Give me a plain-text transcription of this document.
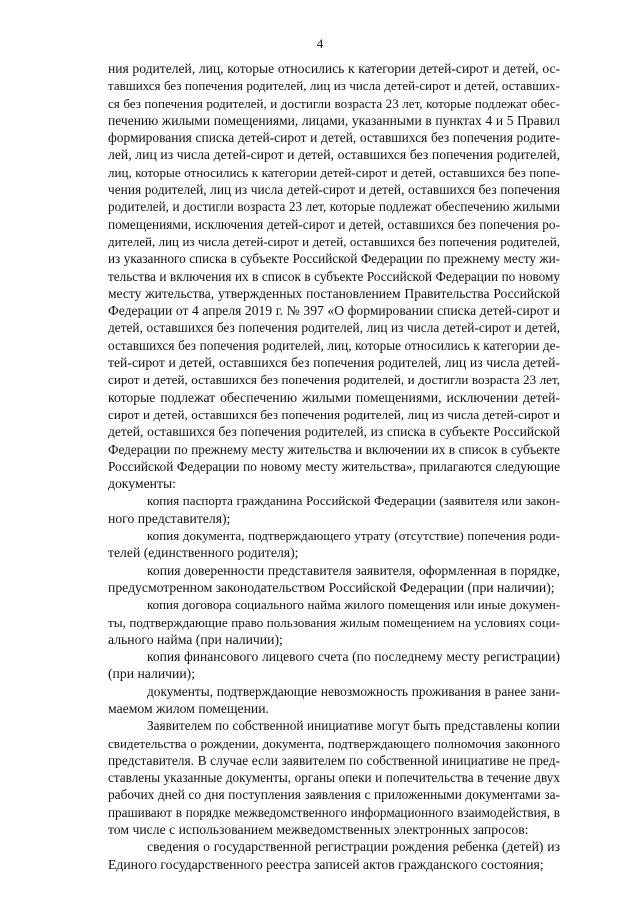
4
ния родителей, лиц, которые относились к категории детей-сирот и детей, ос-
тавшихся без попечения родителей, лиц из числа детей-сирот и детей, оставших-
ся без попечения родителей, и достигли возраста 23 лет, которые подлежат обес-
печению жилыми помещениями, лицами, указанными в пунктах 4 и 5 Правил
формирования списка детей-сирот и детей, оставшихся без попечения родите-
лей, лиц из числа детей-сирот и детей, оставшихся без попечения родителей,
лиц, которые относились к категории детей-сирот и детей, оставшихся без попе-
чения родителей, лиц из числа детей-сирот и детей, оставшихся без попечения
родителей, и достигли возраста 23 лет, которые подлежат обеспечению жилыми
помещениями, исключения детей-сирот и детей, оставшихся без попечения ро-
дителей, лиц из числа детей-сирот и детей, оставшихся без попечения родителей,
из указанного списка в субъекте Российской Федерации по прежнему месту жи-
тельства и включения их в список в субъекте Российской Федерации по новому
месту жительства, утвержденных постановлением Правительства Российской
Федерации от 4 апреля 2019 г. № 397 «О формировании списка детей-сирот и
детей, оставшихся без попечения родителей, лиц из числа детей-сирот и детей,
оставшихся без попечения родителей, лиц, которые относились к категории де-
тей-сирот и детей, оставшихся без попечения родителей, лиц из числа детей-
сирот и детей, оставшихся без попечения родителей, и достигли возраста 23 лет,
которые подлежат обеспечению жилыми помещениями, исключении детей-
сирот и детей, оставшихся без попечения родителей, лиц из числа детей-сирот и
детей, оставшихся без попечения родителей, из списка в субъекте Российской
Федерации по прежнему месту жительства и включении их в список в субъекте
Российской Федерации по новому месту жительства», прилагаются следующие
документы:
копия паспорта гражданина Российской Федерации (заявителя или закон-
ного представителя);
копия документа, подтверждающего утрату (отсутствие) попечения роди-
телей (единственного родителя);
копия доверенности представителя заявителя, оформленная в порядке,
предусмотренном законодательством Российской Федерации (при наличии);
копия договора социального найма жилого помещения или иные докумен-
ты, подтверждающие право пользования жилым помещением на условиях соци-
ального найма (при наличии);
копия финансового лицевого счета (по последнему месту регистрации)
(при наличии);
документы, подтверждающие невозможность проживания в ранее зани-
маемом жилом помещении.
Заявителем по собственной инициативе могут быть представлены копии
свидетельства о рождении, документа, подтверждающего полномочия законного
представителя. В случае если заявителем по собственной инициативе не пред-
ставлены указанные документы, органы опеки и попечительства в течение двух
рабочих дней со дня поступления заявления с приложенными документами за-
прашивают в порядке межведомственного информационного взаимодействия, в
том числе с использованием межведомственных электронных запросов:
сведения о государственной регистрации рождения ребенка (детей) из
Единого государственного реестра записей актов гражданского состояния;
